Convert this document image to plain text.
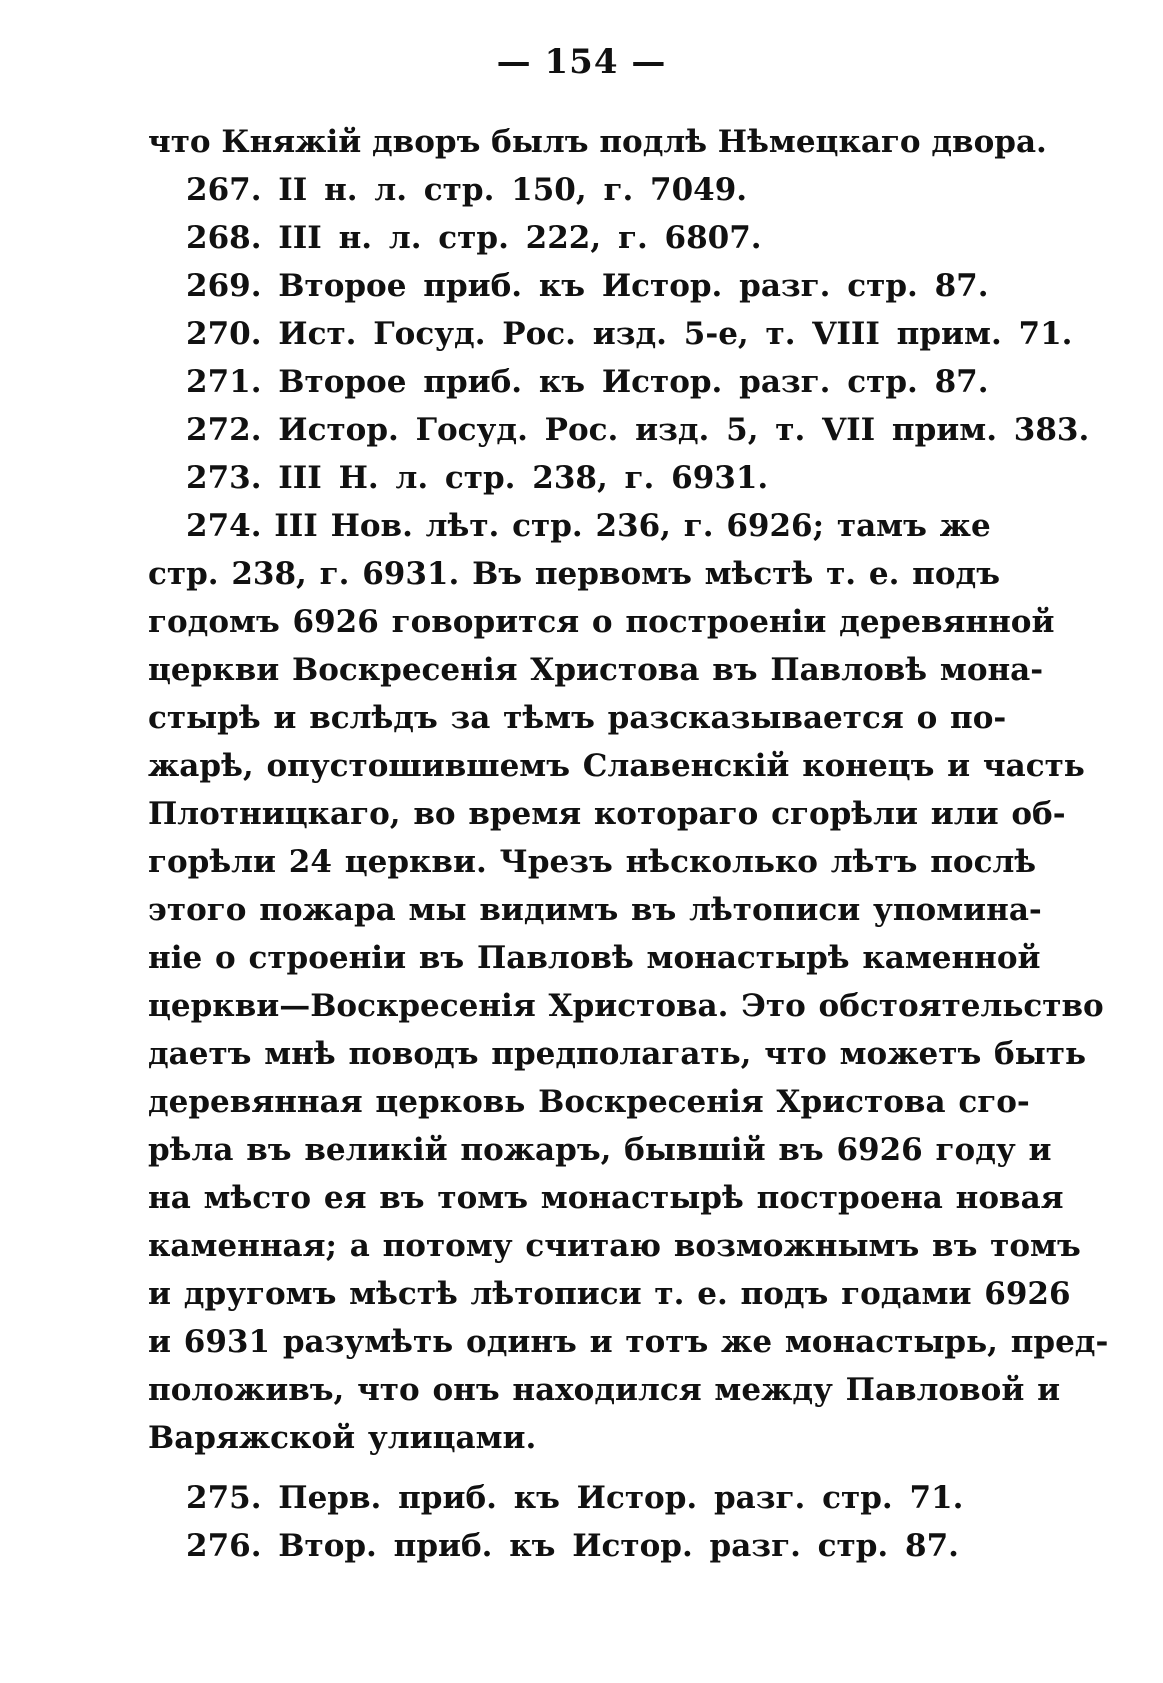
— 154 —
что Княжій дворъ былъ подлѣ Нѣмецкаго двора.
267. II н. л. стр. 150, г. 7049.
268. III н. л. стр. 222, г. 6807.
269. Второе приб. къ Истор. разг. стр. 87.
270. Ист. Госуд. Рос. изд. 5-е, т. VIII прим. 71.
271. Второе приб. къ Истор. разг. стр. 87.
272. Истор. Госуд. Рос. изд. 5, т. VII прим. 383.
273. III Н. л. стр. 238, г. 6931.
274. III Нов. лѣт. стр. 236, г. 6926; тамъ же
стр. 238, г. 6931. Въ первомъ мѣстѣ т. е. подъ
годомъ 6926 говорится о построеніи деревянной
церкви Воскресенія Христова въ Павловѣ мона-
стырѣ и вслѣдъ за тѣмъ разсказывается о по-
жарѣ, опустошившемъ Славенскій конецъ и часть
Плотницкаго, во время котораго сгорѣли или об-
горѣли 24 церкви. Чрезъ нѣсколько лѣтъ послѣ
этого пожара мы видимъ въ лѣтописи упомина-
ніе о строеніи въ Павловѣ монастырѣ каменной
церкви—Воскресенія Христова. Это обстоятельство
даетъ мнѣ поводъ предполагать, что можетъ быть
деревянная церковь Воскресенія Христова сго-
рѣла въ великій пожаръ, бывшій въ 6926 году и
на мѣсто ея въ томъ монастырѣ построена новая
каменная; а потому считаю возможнымъ въ томъ
и другомъ мѣстѣ лѣтописи т. е. подъ годами 6926
и 6931 разумѣть одинъ и тотъ же монастырь, пред-
положивъ, что онъ находился между Павловой и
Варяжской улицами.
275. Перв. приб. къ Истор. разг. стр. 71.
276. Втор. приб. къ Истор. разг. стр. 87.
